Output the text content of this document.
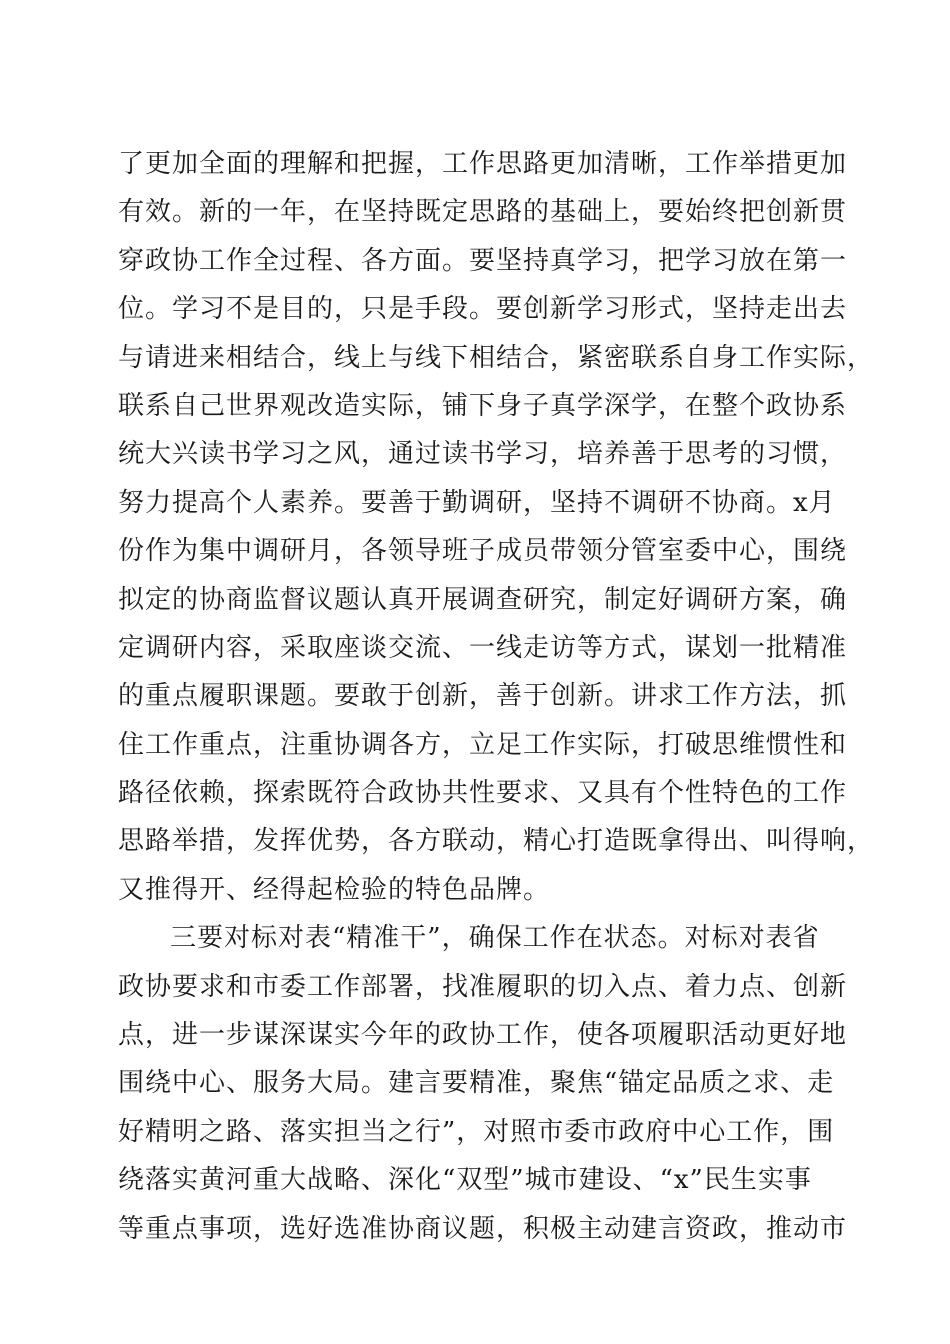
了更加全面的理解和把握，工作思路更加清晰，工作举措更加
有效。新的一年，在坚持既定思路的基础上，要始终把创新贯
穿政协工作全过程、各方面。要坚持真学习，把学习放在第一
位。学习不是目的，只是手段。要创新学习形式，坚持走出去
与请进来相结合，线上与线下相结合，紧密联系自身工作实际，
联系自己世界观改造实际，铺下身子真学深学，在整个政协系
统大兴读书学习之风，通过读书学习，培养善于思考的习惯，
努力提高个人素养。要善于勤调研，坚持不调研不协商。x月
份作为集中调研月，各领导班子成员带领分管室委中心，围绕
拟定的协商监督议题认真开展调查研究，制定好调研方案，确
定调研内容，采取座谈交流、一线走访等方式，谋划一批精准
的重点履职课题。要敢于创新，善于创新。讲求工作方法，抓
住工作重点，注重协调各方，立足工作实际，打破思维惯性和
路径依赖，探索既符合政协共性要求、又具有个性特色的工作
思路举措，发挥优势，各方联动，精心打造既拿得出、叫得响，
又推得开、经得起检验的特色品牌。
三要对标对表“精准干”，确保工作在状态。对标对表省
政协要求和市委工作部署，找准履职的切入点、着力点、创新
点，进一步谋深谋实今年的政协工作，使各项履职活动更好地
围绕中心、服务大局。建言要精准，聚焦“锚定品质之求、走
好精明之路、落实担当之行”，对照市委市政府中心工作，围
绕落实黄河重大战略、深化“双型”城市建设、“x”民生实事
等重点事项，选好选准协商议题，积极主动建言资政，推动市
